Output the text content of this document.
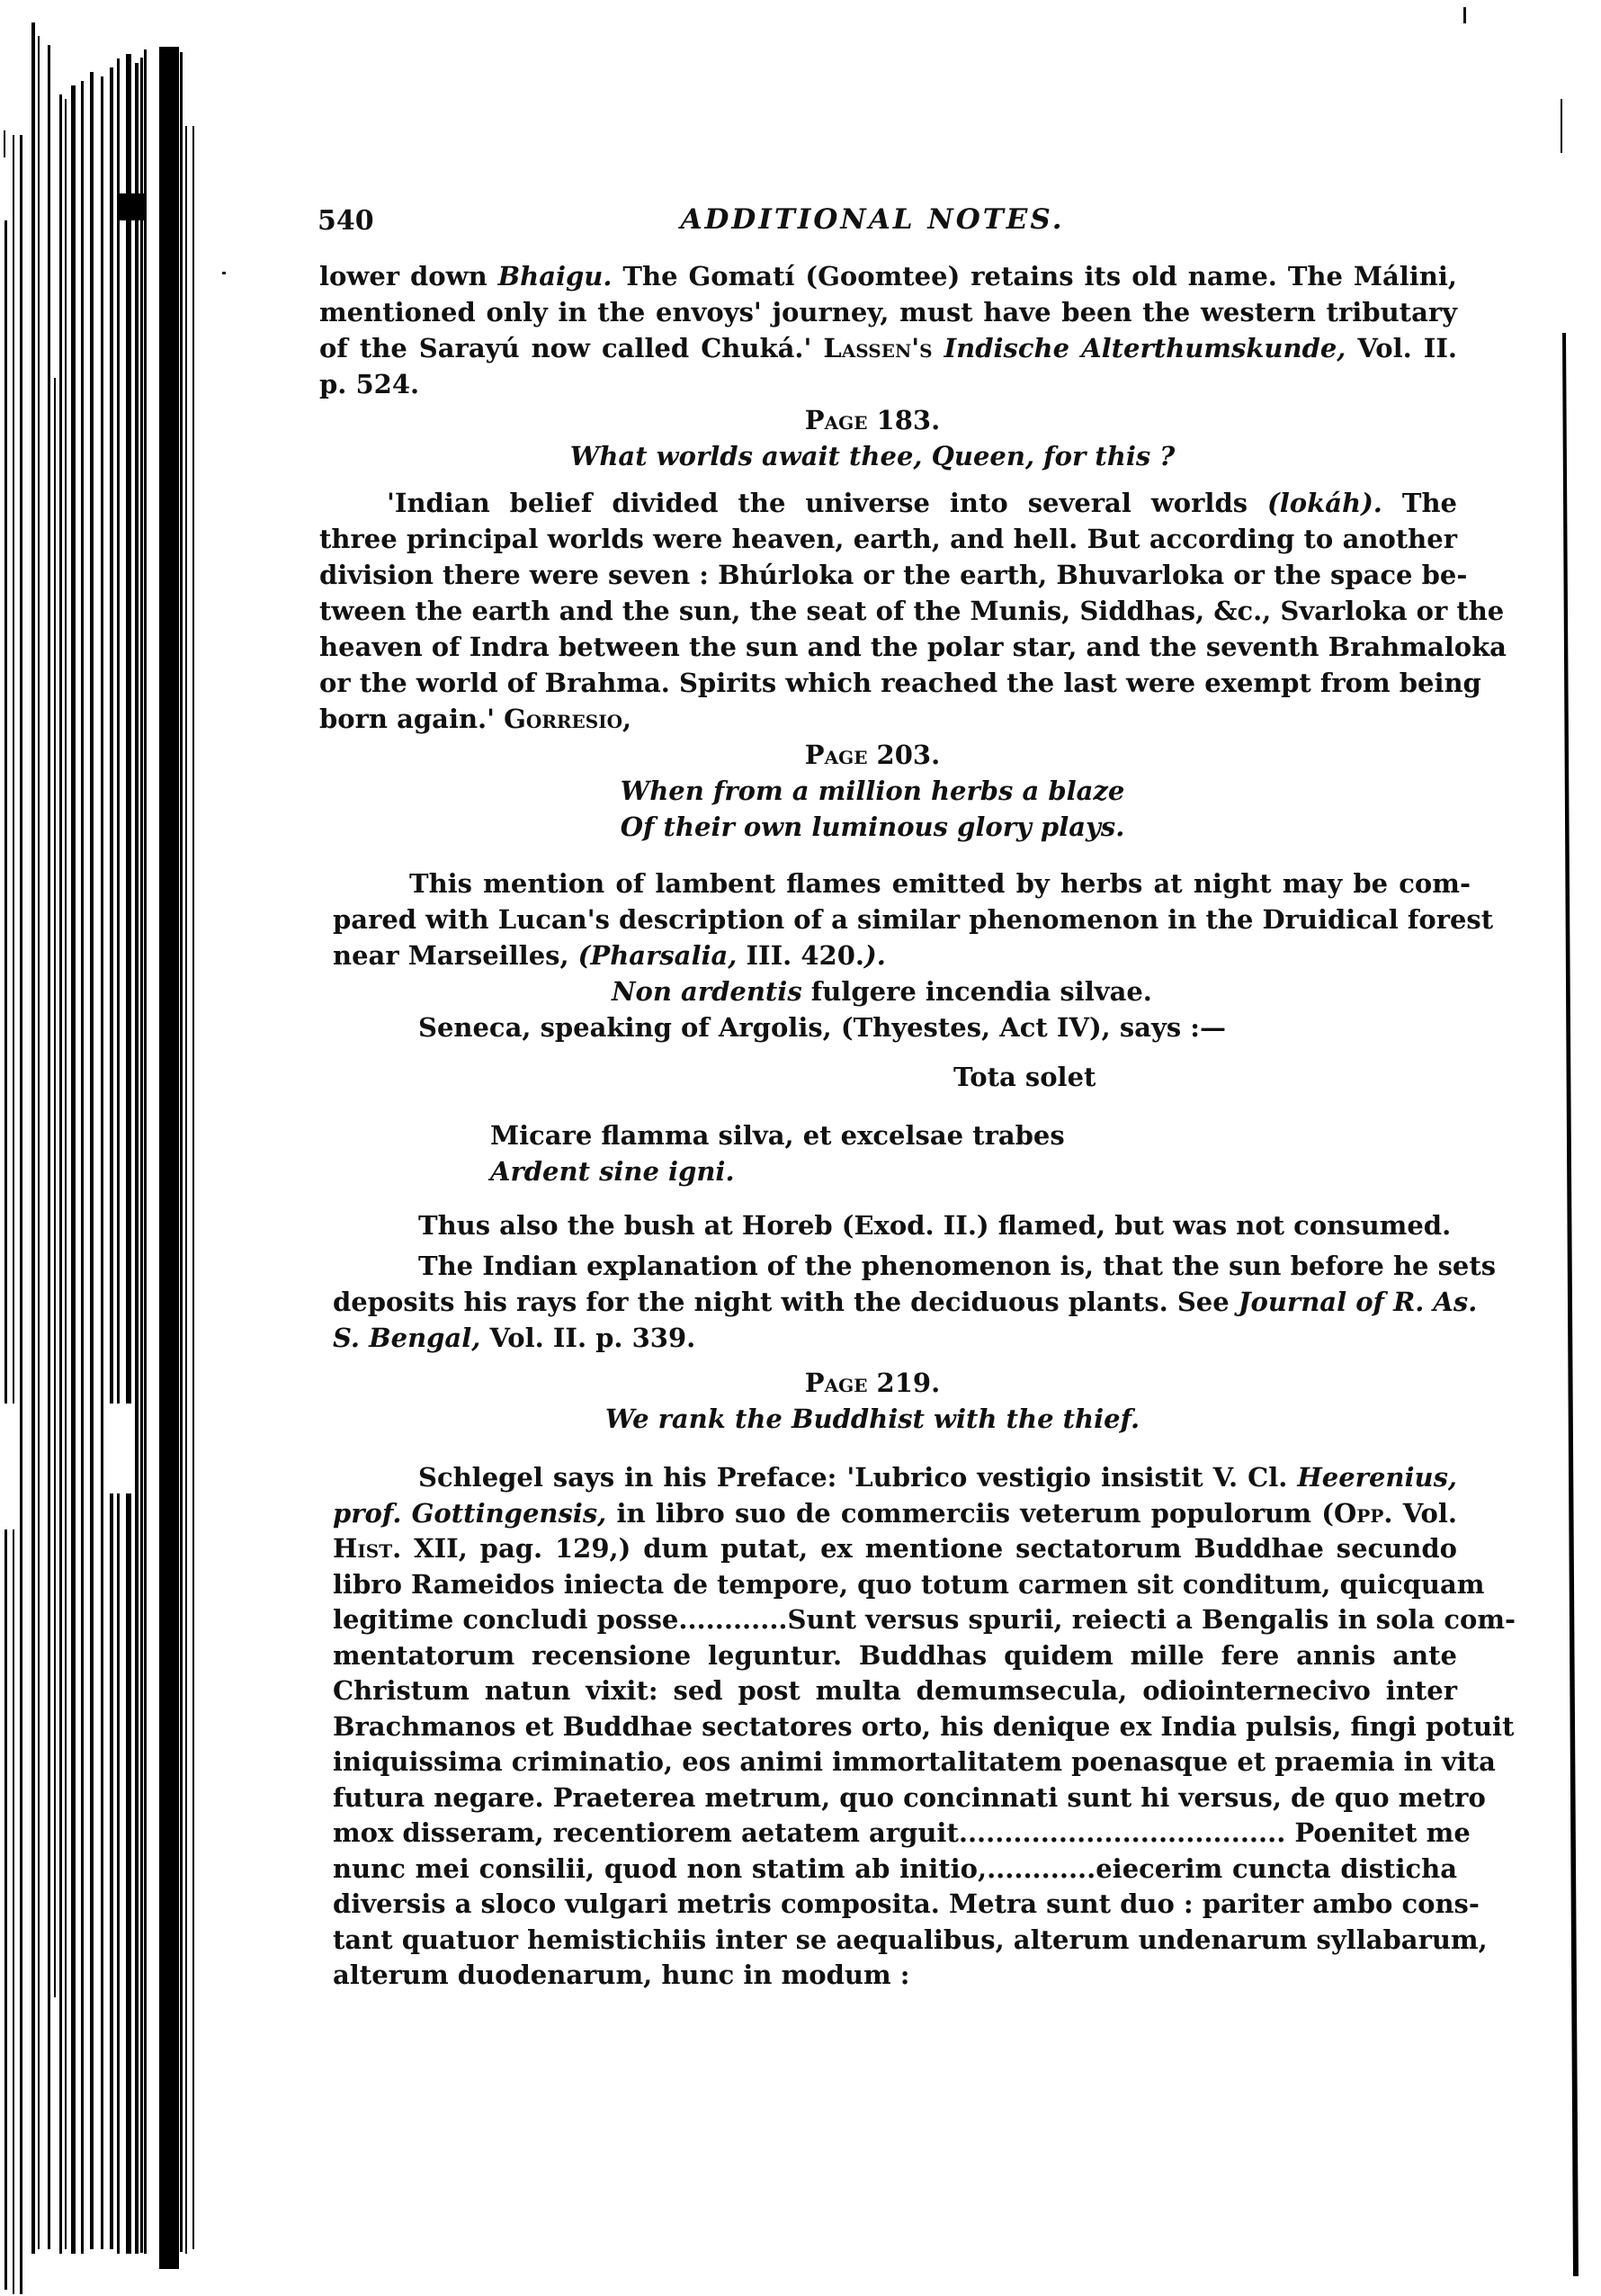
540	ADDITIONAL NOTES.
lower down Bhaigu. The Gomatí (Goomtee) retains its old name. The Málini,
mentioned only in the envoys' journey, must have been the western tributary
of the Sarayú now called Chuká.' Lassen's Indische Alterthumskunde, Vol. II.
p. 524.
Page 183.
What worlds await thee, Queen, for this ?
'Indian belief divided the universe into several worlds (lokáh). The
three principal worlds were heaven, earth, and hell. But according to another
division there were seven : Bhúrloka or the earth, Bhuvarloka or the space be-
tween the earth and the sun, the seat of the Munis, Siddhas, &c., Svarloka or the
heaven of Indra between the sun and the polar star, and the seventh Brahmaloka
or the world of Brahma. Spirits which reached the last were exempt from being
born again.' Gorresio,
Page 203.
When from a million herbs a blaze
Of their own luminous glory plays.
This mention of lambent flames emitted by herbs at night may be com-
pared with Lucan's description of a similar phenomenon in the Druidical forest
near Marseilles, (Pharsalia, III. 420.).
Non ardentis fulgere incendia silvae.
Seneca, speaking of Argolis, (Thyestes, Act IV), says :—
Tota solet
Micare flamma silva, et excelsae trabes
Ardent sine igni.
Thus also the bush at Horeb (Exod. II.) flamed, but was not consumed.
The Indian explanation of the phenomenon is, that the sun before he sets
deposits his rays for the night with the deciduous plants. See Journal of R. As.
S. Bengal, Vol. II. p. 339.
Page 219.
We rank the Buddhist with the thief.
Schlegel says in his Preface: 'Lubrico vestigio insistit V. Cl. Heerenius,
prof. Gottingensis, in libro suo de commerciis veterum populorum (Opp. Vol.
Hist. XII, pag. 129,) dum putat, ex mentione sectatorum Buddhae secundo
libro Rameidos iniecta de tempore, quo totum carmen sit conditum, quicquam
legitime concludi posse............Sunt versus spurii, reiecti a Bengalis in sola com-
mentatorum recensione leguntur. Buddhas quidem mille fere annis ante
Christum natun vixit: sed post multa demumsecula, odiointernecivo inter
Brachmanos et Buddhae sectatores orto, his denique ex India pulsis, fingi potuit
iniquissima criminatio, eos animi immortalitatem poenasque et praemia in vita
futura negare. Praeterea metrum, quo concinnati sunt hi versus, de quo metro
mox disseram, recentiorem aetatem arguit.................................... Poenitet me
nunc mei consilii, quod non statim ab initio,............eiecerim cuncta disticha
diversis a sloco vulgari metris composita. Metra sunt duo : pariter ambo cons-
tant quatuor hemistichiis inter se aequalibus, alterum undenarum syllabarum,
alterum duodenarum, hunc in modum :
